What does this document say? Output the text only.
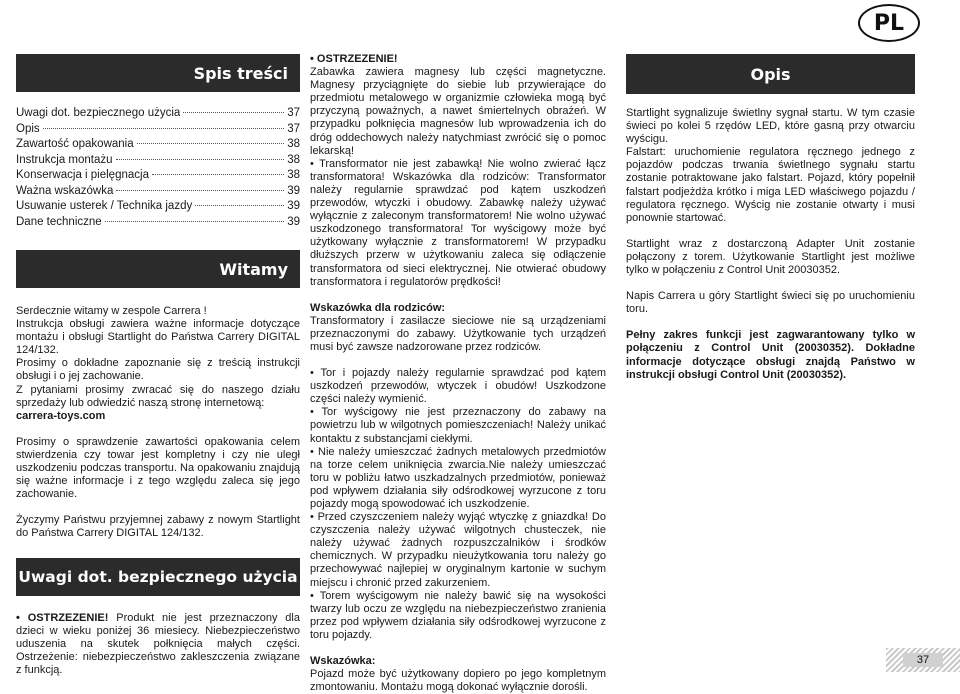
PL
Spis treści
Uwagi dot. bezpiecznego użycia	37
Opis	37
Zawartość opakowania	38
Instrukcja montażu	38
Konserwacja i pielęgnacja	38
Ważna wskazówka	39
Usuwanie usterek / Technika jazdy	39
Dane techniczne	39
Witamy

Serdecznie witamy w zespole Carrera !

Instrukcja obsługi zawiera ważne informacje dotyczące montażu i obsługi Startlight do Państwa Carrery DIGITAL 124/132.

Prosimy o dokładne zapoznanie się z treścią instrukcji obsługi i o jej zachowanie.

Z pytaniami prosimy zwracać się do naszego działu sprzedaży lub odwiedzić naszą stronę internetową:

carrera-toys.com

Prosimy o sprawdzenie zawartości opakowania celem stwierdzenia czy towar jest kompletny i czy nie uległ uszkodzeniu podczas transportu. Na opakowaniu znajdują się ważne informacje i z tego względu zaleca się jego zachowanie.

Życzymy Państwu przyjemnej zabawy z nowym Startlight do Państwa Carrery DIGITAL 124/132.

Uwagi dot. bezpiecznego użycia
• OSTRZEZENIE! Produkt nie jest przeznaczony dla dzieci w wieku poniżej 36 miesiecy. Niebezpieczeństwo uduszenia na skutek połknięcia małych części. Ostrzeżenie: niebezpieczeństwo zakleszczenia związane z funkcją.
• OSTRZEZENIE!
Zabawka zawiera magnesy lub części magnetyczne. Magnesy przyciągnięte do siebie lub przywierające do przedmiotu metalowego w organizmie człowieka mogą być przyczyną poważnych, a nawet śmiertelnych obrażeń. W przypadku połknięcia magnesów lub wprowadzenia ich do dróg oddechowych należy natychmiast zwrócić się o pomoc lekarską!
• Transformator nie jest zabawką! Nie wolno zwierać łącz transformatora! Wskazówka dla rodziców: Transformator należy regularnie sprawdzać pod kątem uszkodzeń przewodów, wtyczki i obudowy. Zabawkę należy używać wyłącznie z zaleconym transformatorem! Nie wolno używać uszkodzonego transformatora! Tor wyścigowy może być użytkowany wyłącznie z transformatorem! W przypadku dłuższych przerw w użytkowaniu zaleca się odłączenie transformatora od sieci elektrycznej. Nie otwierać obudowy transformatora i regulatorów prędkości!

Wskazówka dla rodziców:

Transformatory i zasilacze sieciowe nie są urządzeniami przeznaczonymi do zabawy. Użytkowanie tych urządzeń musi być zawsze nadzorowane przez rodziców.

• Tor i pojazdy należy regularnie sprawdzać pod kątem uszkodzeń przewodów, wtyczek i obudów! Uszkodzone części należy wymienić.
• Tor wyścigowy nie jest przeznaczony do zabawy na powietrzu lub w wilgotnych pomieszczeniach! Należy unikać kontaktu z substancjami ciekłymi.
• Nie należy umieszczać żadnych metalowych przedmiotów na torze celem uniknięcia zwarcia.Nie należy umieszczać toru w pobliżu łatwo uszkadzalnych przedmiotów, ponieważ pod wpływem działania siły odśrodkowej wyrzucone z toru pojazdy mogą spowodować ich uszkodzenie.
• Przed czyszczeniem należy wyjąć wtyczkę z gniazdka! Do czyszczenia należy używać wilgotnych chusteczek, nie należy używać żadnych rozpuszczalników i środków chemicznych. W przypadku nieużytkowania toru należy go przechowywać najlepiej w oryginalnym kartonie w suchym miejscu i chronić przed zakurzeniem.
• Torem wyścigowym nie należy bawić się na wysokości twarzy lub oczu ze względu na niebezpieczeństwo zranienia przez pod wpływem działania siły odśrodkowej wyrzucone z toru pojazdy.

Wskazówka:

Pojazd może być użytkowany dopiero po jego kompletnym zmontowaniu. Montażu mogą dokonać wyłącznie dorośli.

Opis

Startlight sygnalizuje świetlny sygnał startu. W tym czasie świeci po kolei 5 rzędów LED, które gasną przy otwarciu wyścigu.

Falstart: uruchomienie regulatora ręcznego jednego z pojazdów podczas trwania świetlnego sygnału startu zostanie potraktowane jako falstart. Pojazd, który popełnił falstart podjeżdża krótko i miga LED właściwego pojazdu / regulatora ręcznego. Wyścig nie zostanie otwarty i musi ponownie startować.

Startlight wraz z dostarczoną Adapter Unit zostanie połączony z torem. Użytkowanie Startlight jest możliwe tylko w połączeniu z Control Unit 20030352.

Napis Carrera u góry Startlight świeci się po uruchomieniu toru.

Pełny zakres funkcji jest zagwarantowany tylko w połączeniu z Control Unit (20030352). Dokładne informacje dotyczące obsługi znajdą Państwo w instrukcji obsługi Control Unit (20030352).

37
